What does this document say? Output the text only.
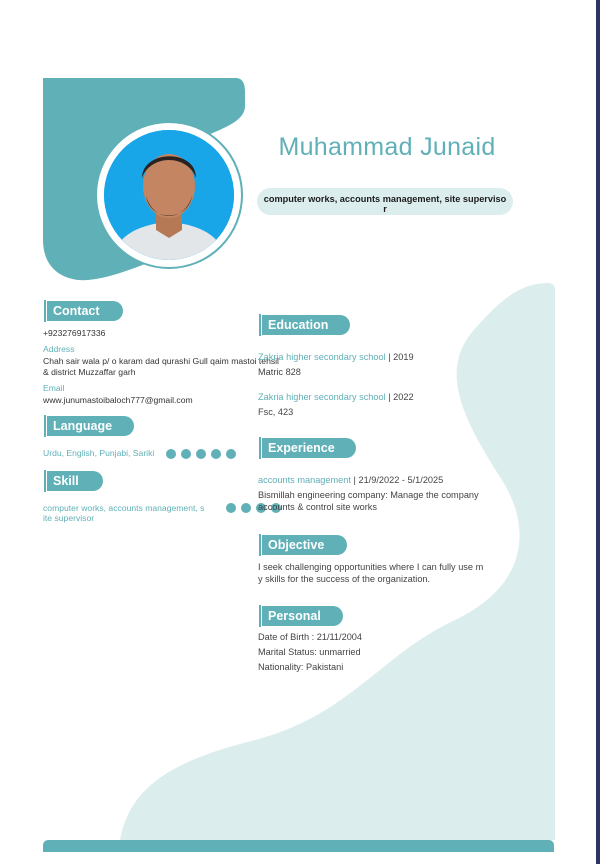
Muhammad Junaid
computer works, accounts management, site superviso r
Contact
+923276917336
Address
Chah sair wala p/ o karam dad qurashi Gull qaim mastoi tehsil
& district Muzzaffar garh
Email
www.junumastoibaloch777@gmail.com
Language
Urdu, English, Punjabi, Sariki
Skill
computer works, accounts management, s
ite supervisor
Education
Zakria higher secondary school | 2019
Matric 828
Zakria higher secondary school | 2022
Fsc, 423
Experience
accounts management | 21/9/2022 - 5/1/2025
Bismillah engineering company: Manage the company
accounts & control site works
Objective
I seek challenging opportunities where I can fully use m
y skills for the success of the organization.
Personal
Date of Birth : 21/11/2004
Marital Status: unmarried
Nationality: Pakistani
